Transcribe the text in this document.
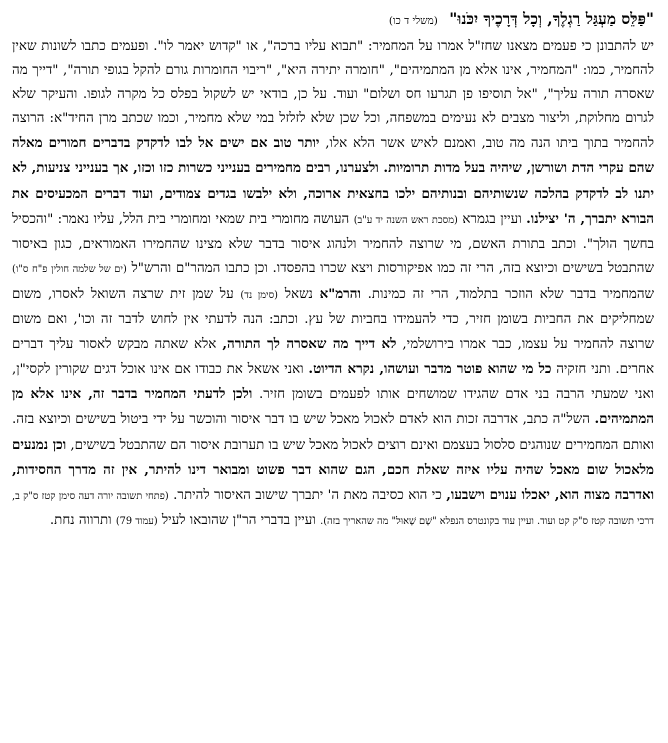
"פַּלֵּס מַעְגַּל רַגְלֶךָ, וְכָל דְּרָכֶיךָ יִכֹּנוּ" (משלי ד כו)

יש להתבונן כי פעמים מצאנו שחז"ל אמרו על המחמיר: "תבוא עליו ברכה", או "קדוש יאמר לו". ופעמים כתבו לשונות שאין להחמיר, כמו: "המחמיר, אינו אלא מן המתמיהים", "חומרה יתירה היא", "ריבוי החומרות גורם להקל בגופי תורה", "דייך מה שאסרה תורה עליך", "אל תוסיפו פן תגרעו חס ושלום" ועוד. על כן, בודאי יש לשקול בפלס כל מקרה לגופו. והעיקר שלא לגרום מחלוקת, וליצור מצבים לא נעימים במשפחה, וכל שכן שלא לזלזל במי שלא מחמיר, וכמו שכתב מרן החיד"א: הרוצה להחמיר בתוך ביתו הנה מה טוב, ואמנם לאיש אשר הלא אלו, יותר טוב אם ישים אל לבו לדקדק בדברים חמורים מאלה שהם עקרי הדת ושורשן, שיהיה בעל מדות תרומיות. ולצערנו, רבים מחמירים בענייני כשרות כזו וכזו, אך בענייני צניעות, לא יתנו לב לדקדק בהלכה שנשותיהם ובנותיהם ילכו בחצאית ארוכה, ולא ילבשו בגדים צמודים, ועוד דברים המכעיסים את הבורא יתברך, ה' יצילנו. ועיין בגמרא (מסכת ראש השנה יד ע"ב) העושה מחומרי בית שמאי ומחומרי בית הלל, עליו נאמר: "והכסיל בחשך הולך". וכתב בתורת האשם, מי שרוצה להחמיר ולנהוג איסור בדבר שלא מצינו שהחמירו האמוראים, כגון באיסור שהתבטל בשישים וכיוצא בזה, הרי זה כמו אפיקורסות ויצא שכרו בהפסדו. וכן כתבו המהר"ם והרש"ל (ים של שלמה חולין פ"ח ס"ו) שהמחמיר בדבר שלא הוזכר בתלמוד, הרי זה כמינות. והרמ"א נשאל (סימן נד) על שמן זית שרצה השואל לאסרו, משום שמחליקים את החביות בשומן חזיר, כדי להעמידו בחביות של עץ. וכתב: הנה לדעתי אין לחוש לדבר זה וכו', ואם משום שרוצה להחמיר על עצמו, כבר אמרו בירושלמי, לא דייך מה שאסרה לך התורה, אלא שאתה מבקש לאסור עליך דברים אחרים. ותני חזקיה כל מי שהוא פוטר מדבר ועושהו, נקרא הדיוט. ואני אשאל את כבודו אם אינו אוכל דגים שקורין לקסי"ן, ואני שמעתי הרבה בני אדם שהגידו שמושחים אותו לפעמים בשומן חזיר. ולכן לדעתי המחמיר בדבר זה, אינו אלא מן המתמיהים. השל"ה כתב, אדרבה זכות הוא לאדם לאכול מאכל שיש בו דבר איסור והוכשר על ידי ביטול בשישים וכיוצא בזה. ואותם המחמירים שנוהגים סלסול בעצמם ואינם רוצים לאכול מאכל שיש בו תערובת איסור הם שהתבטל בשישים, וכן נמנעים מלאכול שום מאכל שהיה עליו איזה שאלת חכם, הגם שהוא דבר פשוט ומבואר דינו להיתר, אין זה מדרך החסידות, ואדרבה מצוה הוא, יאכלו ענוים וישבעו, כי הוא כסיבה מאת ה' יתברך שישוב האיסור להיתר. (פתחי תשובה יורה דעה סימן קטז ס"ק ב, דרכי תשובה קטז ס"ק קט ועוד. ועיין עוד בקונטרס הנפלא "שָׁם שָׁאוּל" מה שהאריך בזה). ועיין בדברי הר"ן שהובאו לעיל (עמוד 79) ותרווה נחת.
